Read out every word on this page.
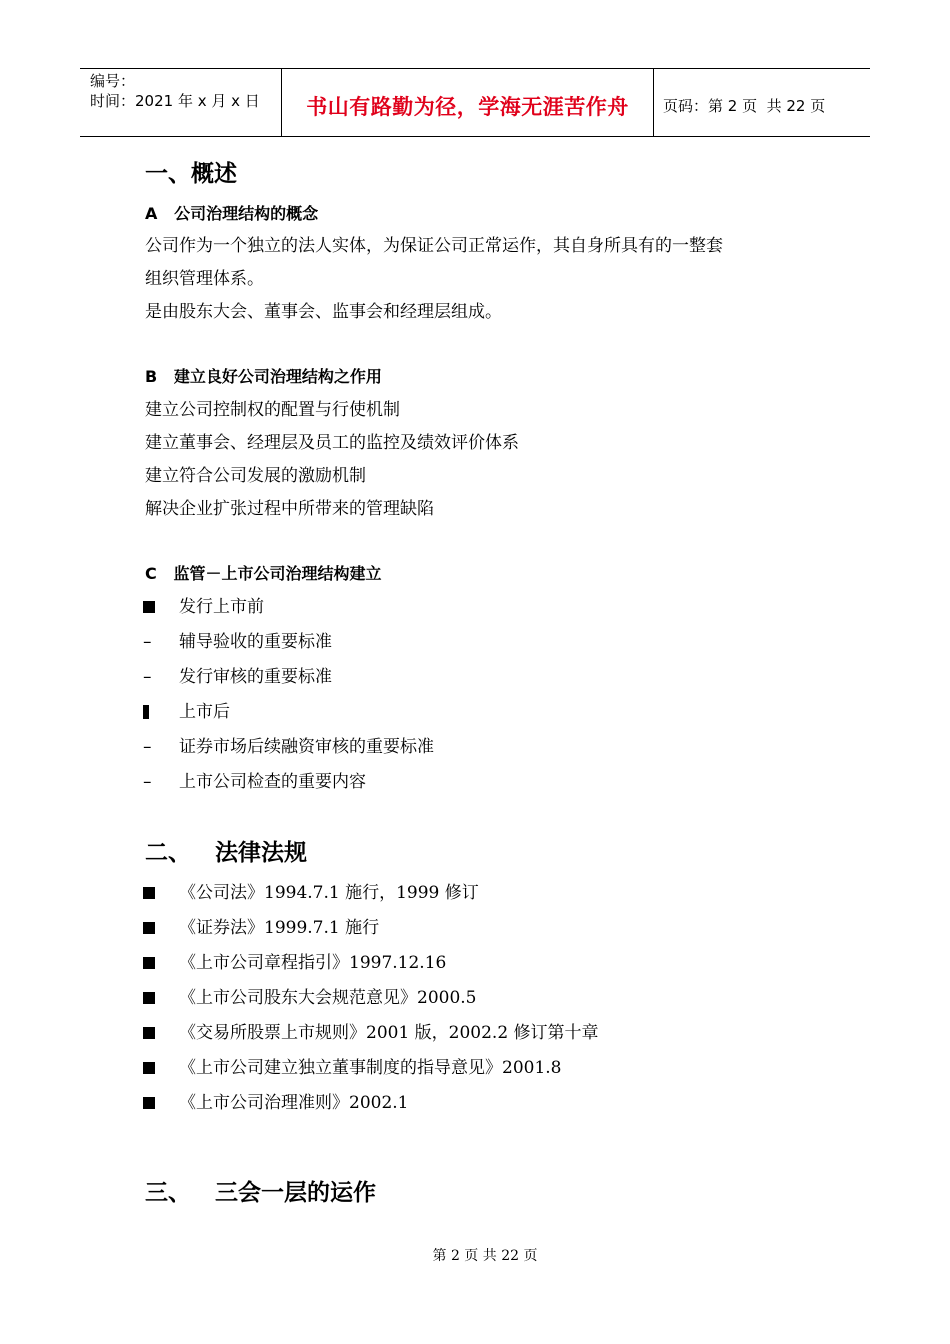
编号：
时间：2021 年 x 月 x 日	书山有路勤为径，学海无涯苦作舟	页码：第 2 页  共 22 页
一、概述
A   公司治理结构的概念
公司作为一个独立的法人实体，为保证公司正常运作，其自身所具有的一整套
组织管理体系。
是由股东大会、董事会、监事会和经理层组成。
B   建立良好公司治理结构之作用
建立公司控制权的配置与行使机制
建立董事会、经理层及员工的监控及绩效评价体系
建立符合公司发展的激励机制
解决企业扩张过程中所带来的管理缺陷
C   监管－上市公司治理结构建立
发行上市前
–	辅导验收的重要标准
–	发行审核的重要标准
上市后
–	证券市场后续融资审核的重要标准
–	上市公司检查的重要内容
二、   法律法规
《公司法》1994.7.1 施行，1999 修订
《证券法》1999.7.1 施行
《上市公司章程指引》1997.12.16
《上市公司股东大会规范意见》2000.5
《交易所股票上市规则》2001 版，2002.2 修订第十章
《上市公司建立独立董事制度的指导意见》2001.8
《上市公司治理准则》2002.1
三、   三会一层的运作
第 2 页 共 22 页
